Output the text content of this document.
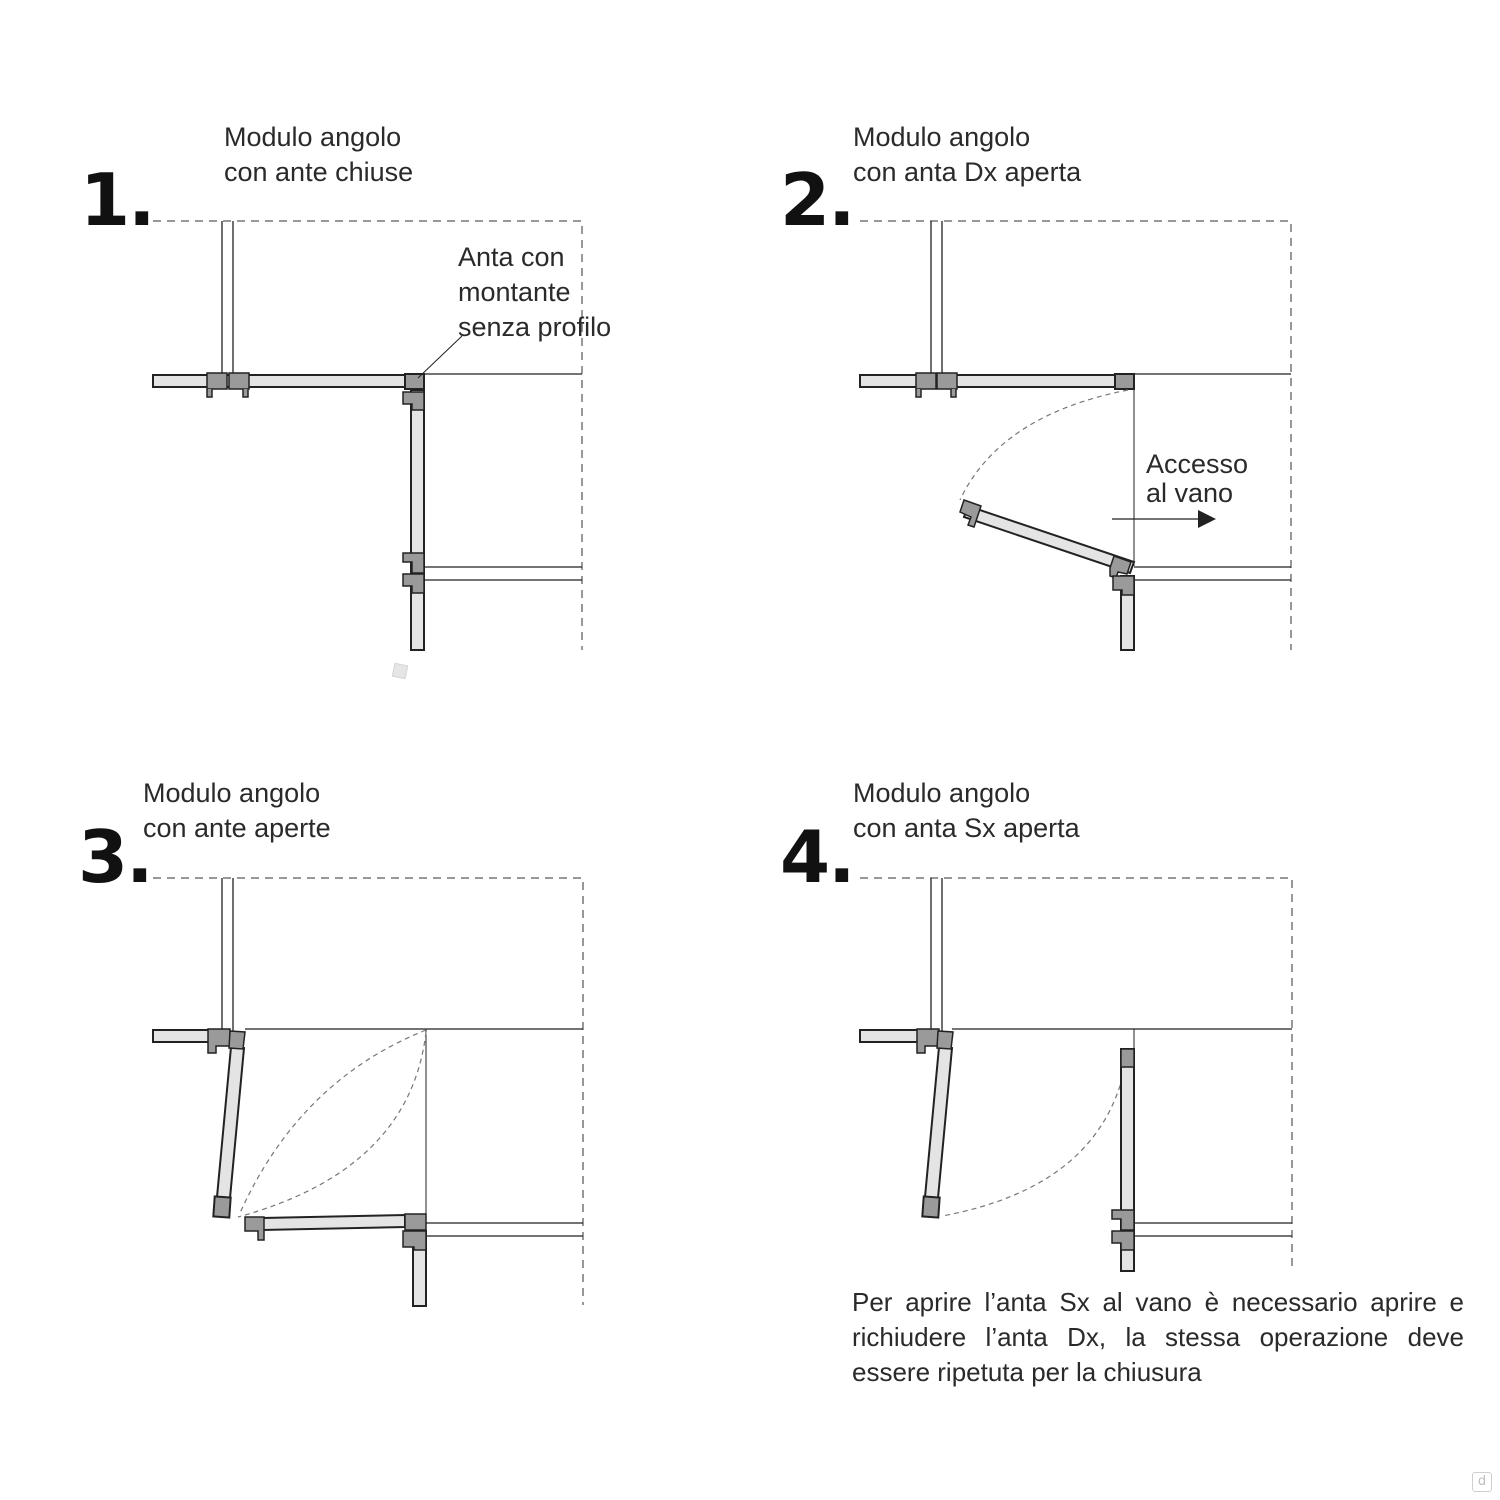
1.	2.
3.	4.
Modulo angolo
con ante chiuse
Modulo angolo
con anta Dx aperta
Modulo angolo
con ante aperte
Modulo angolo
con anta Sx aperta
Anta con
montante
senza profilo
Accesso
al vano
Per aprire l’anta Sx al vano è necessario aprire e richiudere l’anta Dx, la stessa operazione deve essere ripetuta per la chiusura
d
